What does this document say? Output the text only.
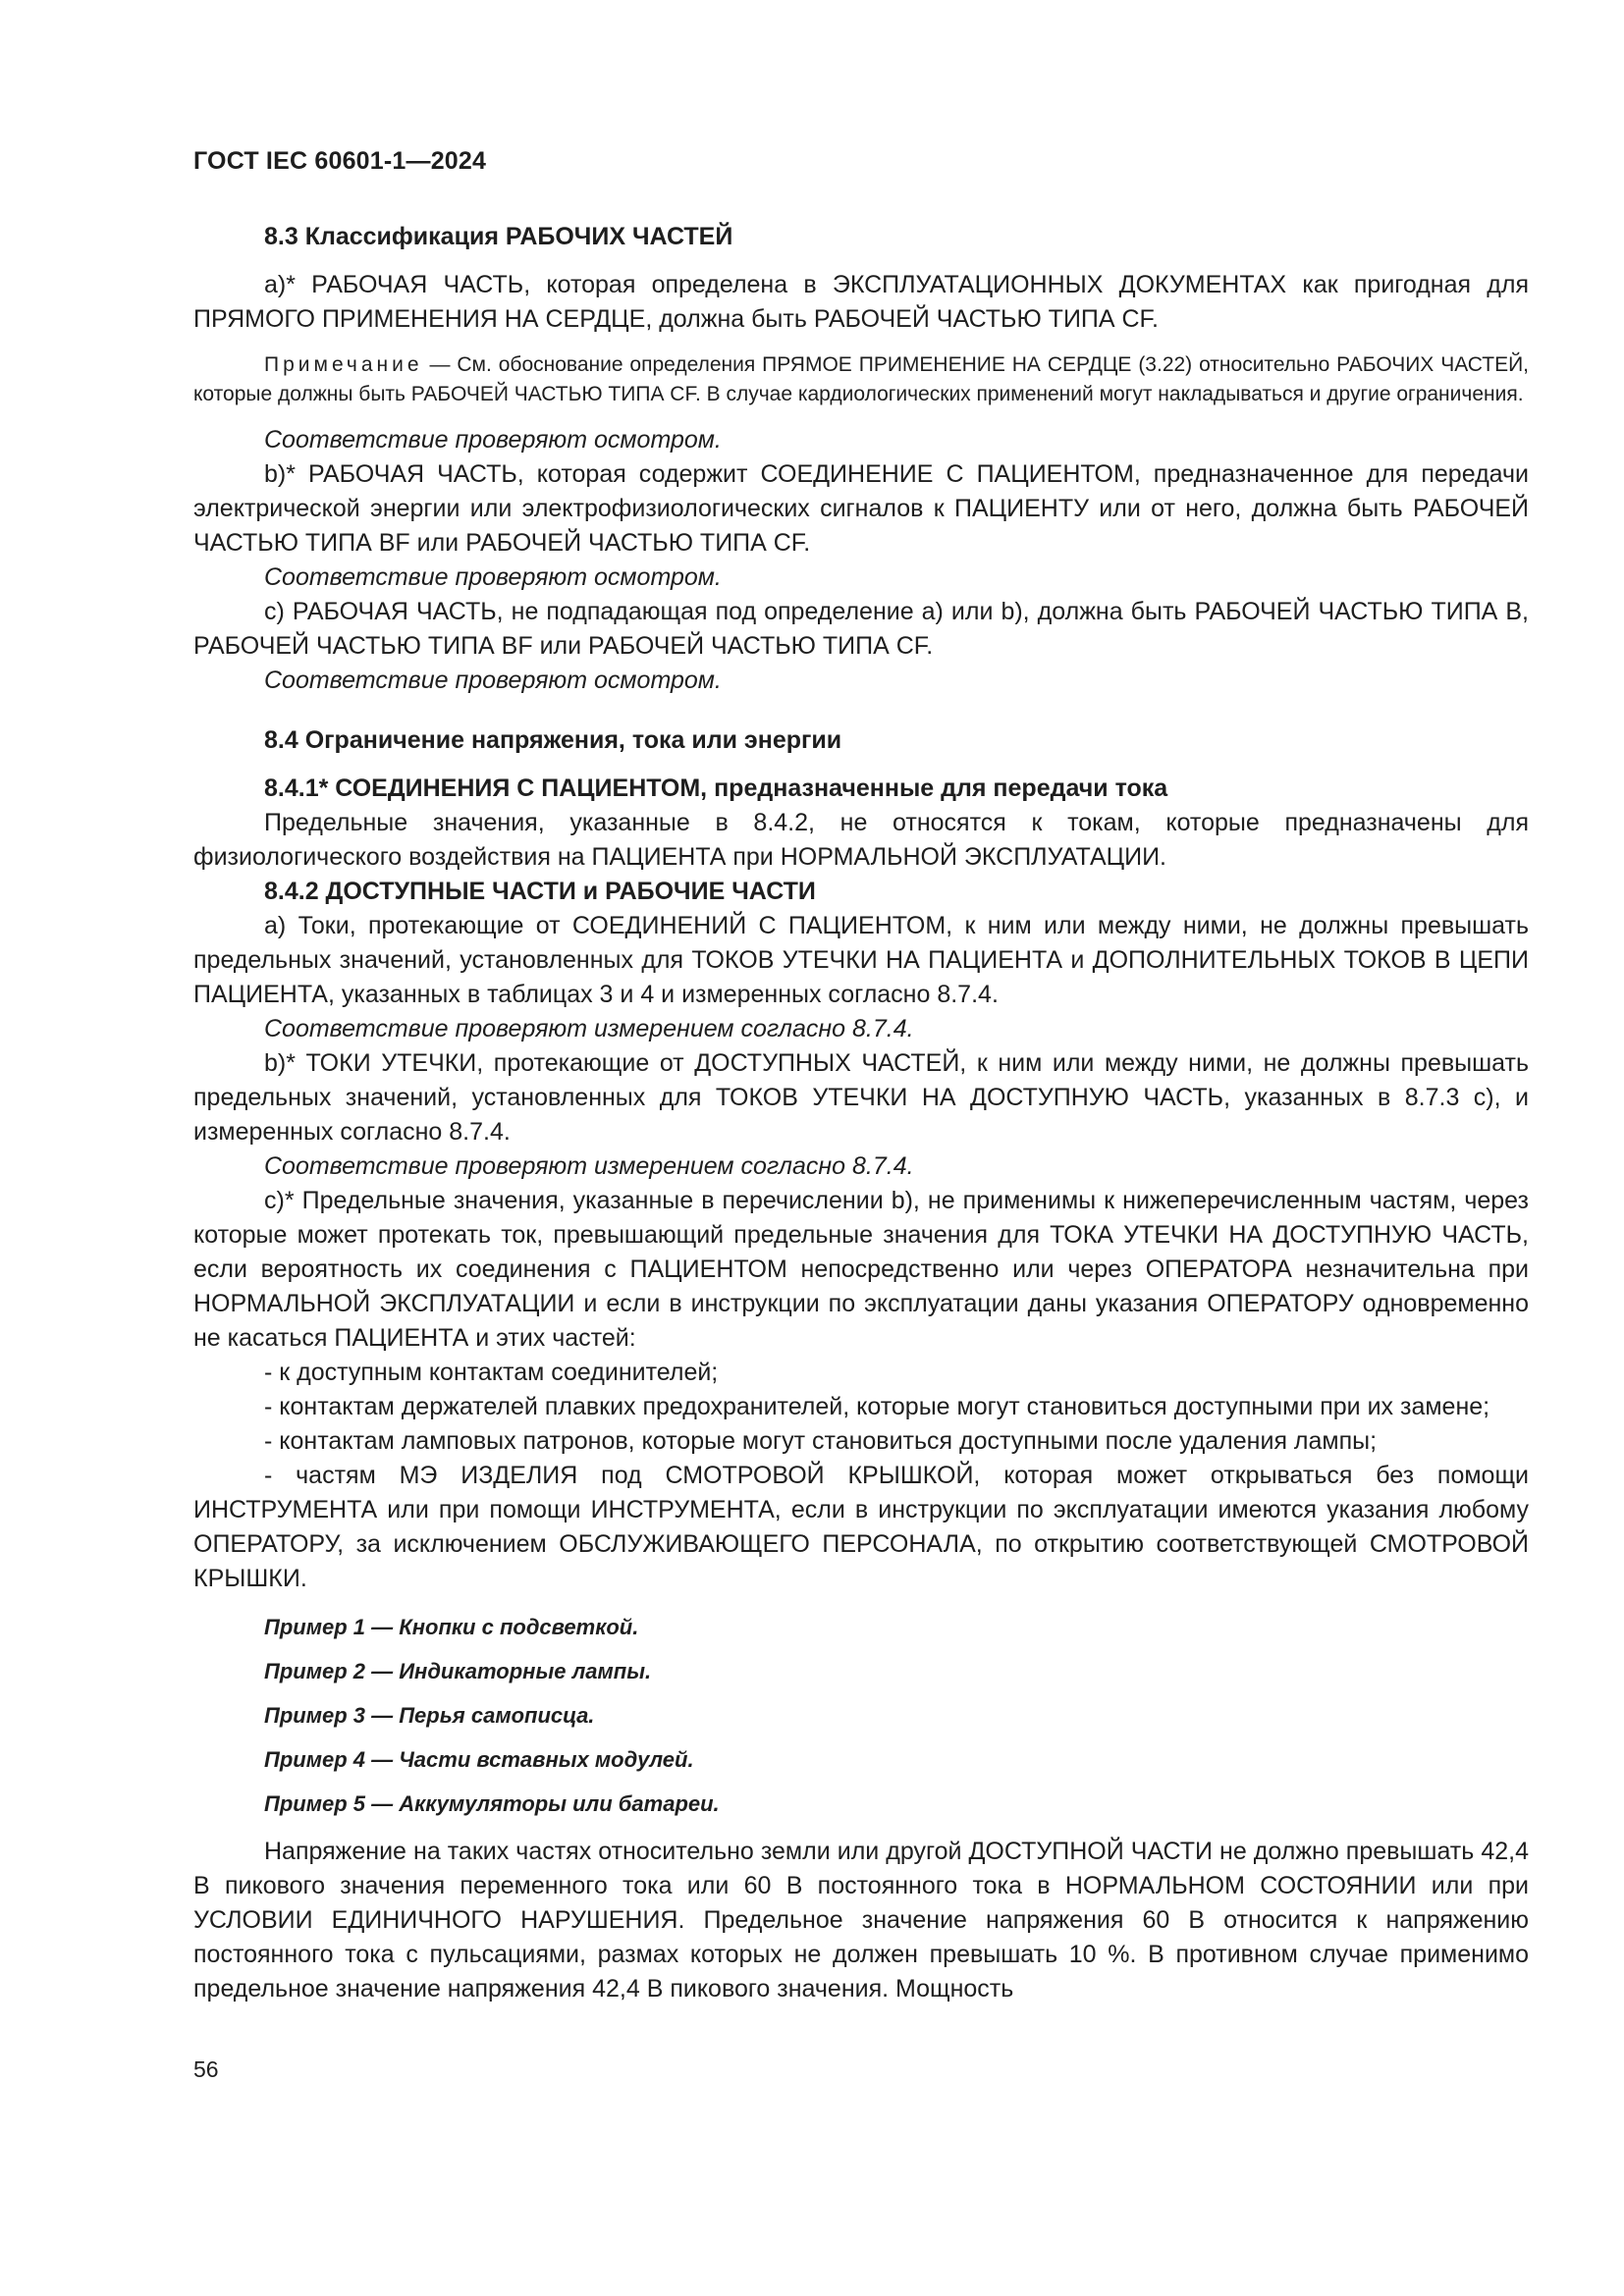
ГОСТ IEC 60601-1—2024

8.3 Классификация РАБОЧИХ ЧАСТЕЙ

а)* РАБОЧАЯ ЧАСТЬ, которая определена в ЭКСПЛУАТАЦИОННЫХ ДОКУМЕНТАХ как пригодная для ПРЯМОГО ПРИМЕНЕНИЯ НА СЕРДЦЕ, должна быть РАБОЧЕЙ ЧАСТЬЮ ТИПА CF.

Примечание — См. обоснование определения ПРЯМОЕ ПРИМЕНЕНИЕ НА СЕРДЦЕ (3.22) относительно РАБОЧИХ ЧАСТЕЙ, которые должны быть РАБОЧЕЙ ЧАСТЬЮ ТИПА CF. В случае кардиологических применений могут накладываться и другие ограничения.

Соответствие проверяют осмотром.

b)* РАБОЧАЯ ЧАСТЬ, которая содержит СОЕДИНЕНИЕ С ПАЦИЕНТОМ, предназначенное для передачи электрической энергии или электрофизиологических сигналов к ПАЦИЕНТУ или от него, должна быть РАБОЧЕЙ ЧАСТЬЮ ТИПА BF или РАБОЧЕЙ ЧАСТЬЮ ТИПА CF.

Соответствие проверяют осмотром.

с) РАБОЧАЯ ЧАСТЬ, не подпадающая под определение а) или b), должна быть РАБОЧЕЙ ЧАСТЬЮ ТИПА В, РАБОЧЕЙ ЧАСТЬЮ ТИПА BF или РАБОЧЕЙ ЧАСТЬЮ ТИПА CF.

Соответствие проверяют осмотром.

8.4 Ограничение напряжения, тока или энергии

8.4.1* СОЕДИНЕНИЯ С ПАЦИЕНТОМ, предназначенные для передачи тока

Предельные значения, указанные в 8.4.2, не относятся к токам, которые предназначены для физиологического воздействия на ПАЦИЕНТА при НОРМАЛЬНОЙ ЭКСПЛУАТАЦИИ.

8.4.2 ДОСТУПНЫЕ ЧАСТИ и РАБОЧИЕ ЧАСТИ

а) Токи, протекающие от СОЕДИНЕНИЙ С ПАЦИЕНТОМ, к ним или между ними, не должны превышать предельных значений, установленных для ТОКОВ УТЕЧКИ НА ПАЦИЕНТА и ДОПОЛНИТЕЛЬНЫХ ТОКОВ В ЦЕПИ ПАЦИЕНТА, указанных в таблицах 3 и 4 и измеренных согласно 8.7.4.

Соответствие проверяют измерением согласно 8.7.4.

b)* ТОКИ УТЕЧКИ, протекающие от ДОСТУПНЫХ ЧАСТЕЙ, к ним или между ними, не должны превышать предельных значений, установленных для ТОКОВ УТЕЧКИ НА ДОСТУПНУЮ ЧАСТЬ, указанных в 8.7.3 с), и измеренных согласно 8.7.4.

Соответствие проверяют измерением согласно 8.7.4.

с)* Предельные значения, указанные в перечислении b), не применимы к нижеперечисленным частям, через которые может протекать ток, превышающий предельные значения для ТОКА УТЕЧКИ НА ДОСТУПНУЮ ЧАСТЬ, если вероятность их соединения с ПАЦИЕНТОМ непосредственно или через ОПЕРАТОРА незначительна при НОРМАЛЬНОЙ ЭКСПЛУАТАЦИИ и если в инструкции по эксплуатации даны указания ОПЕРАТОРУ одновременно не касаться ПАЦИЕНТА и этих частей:

- к доступным контактам соединителей;

- контактам держателей плавких предохранителей, которые могут становиться доступными при их замене;

- контактам ламповых патронов, которые могут становиться доступными после удаления лампы;

- частям МЭ ИЗДЕЛИЯ под СМОТРОВОЙ КРЫШКОЙ, которая может открываться без помощи ИНСТРУМЕНТА или при помощи ИНСТРУМЕНТА, если в инструкции по эксплуатации имеются указания любому ОПЕРАТОРУ, за исключением ОБСЛУЖИВАЮЩЕГО ПЕРСОНАЛА, по открытию соответствующей СМОТРОВОЙ КРЫШКИ.

Пример 1 — Кнопки с подсветкой.

Пример 2 — Индикаторные лампы.

Пример 3 — Перья самописца.

Пример 4 — Части вставных модулей.

Пример 5 — Аккумуляторы или батареи.

Напряжение на таких частях относительно земли или другой ДОСТУПНОЙ ЧАСТИ не должно превышать 42,4 В пикового значения переменного тока или 60 В постоянного тока в НОРМАЛЬНОМ СОСТОЯНИИ или при УСЛОВИИ ЕДИНИЧНОГО НАРУШЕНИЯ. Предельное значение напряжения 60 В относится к напряжению постоянного тока с пульсациями, размах которых не должен превышать 10 %. В противном случае применимо предельное значение напряжения 42,4 В пикового значения. Мощность

56
